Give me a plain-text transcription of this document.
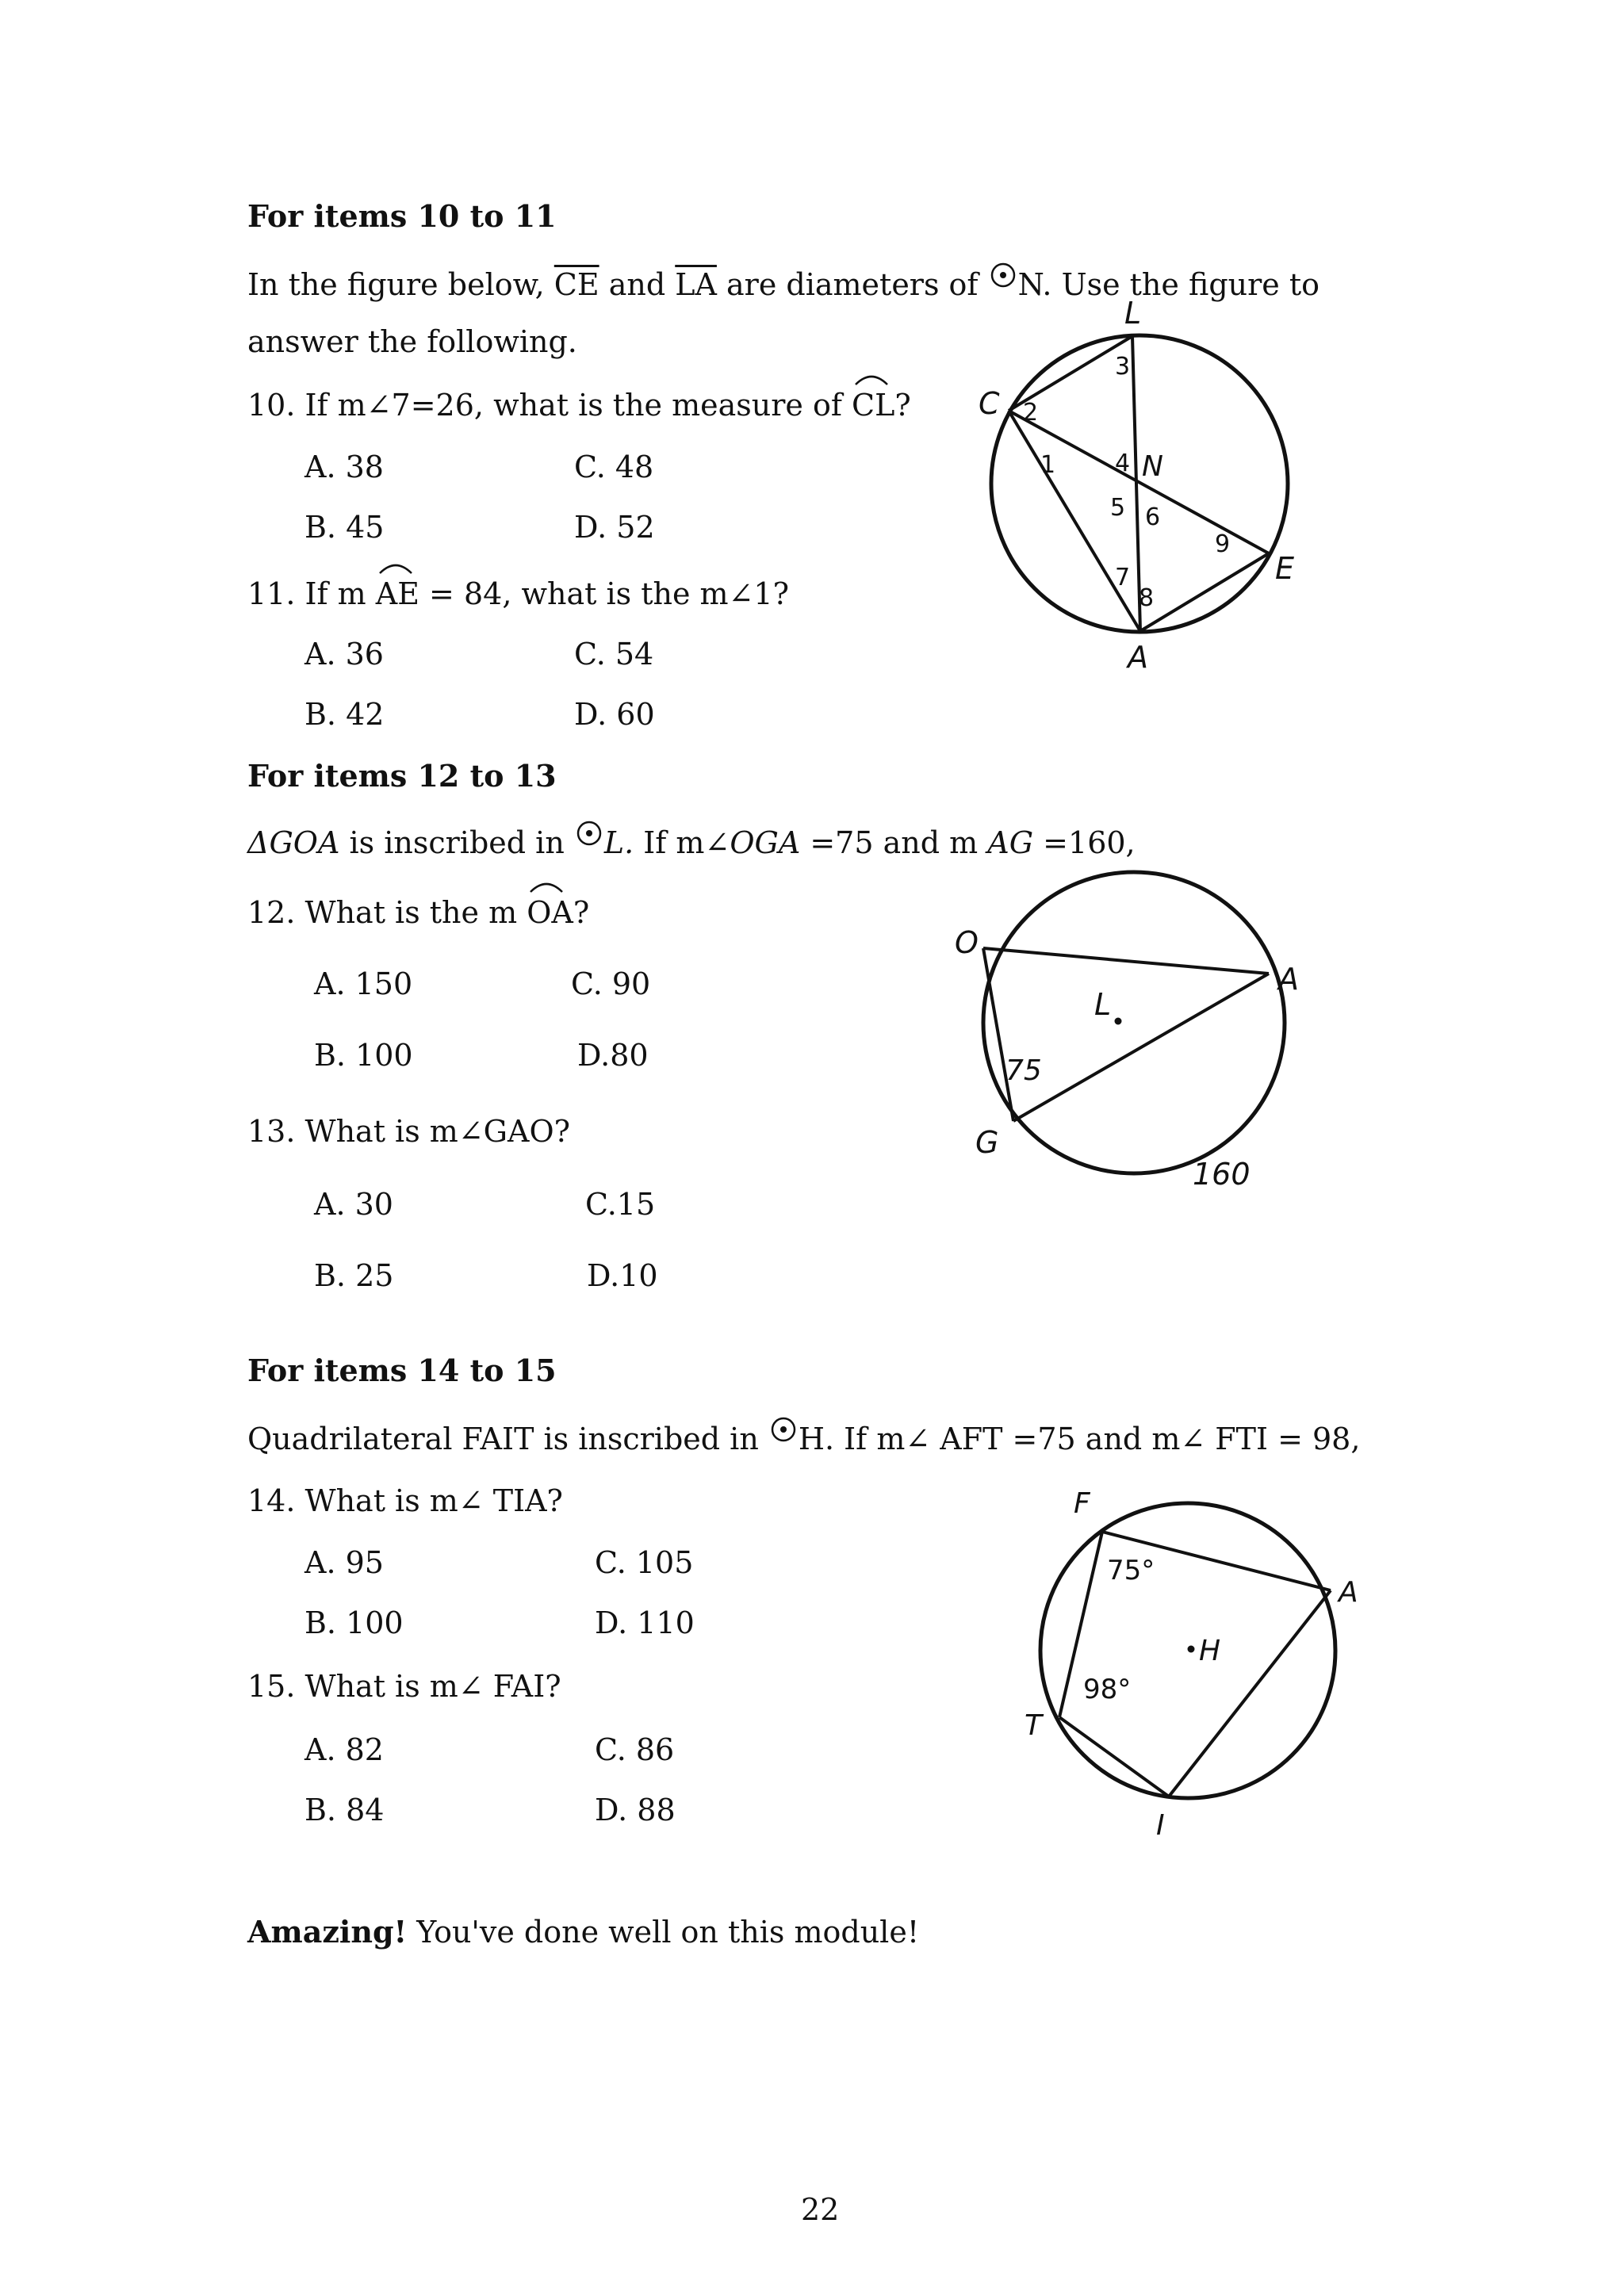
For items 10 to 11
In the figure below, $\overline{CE}$ and $\overline{LA}$ are diameters of N. Use the figure to
answer the following.
10. If m∠7=26, what is the measure of
CL?
A. 38	C. 48
B. 45	D. 52
11. If m
AE = 84, what is the m∠1?
A. 36	C. 54
B. 42	D. 60
L
C
N
E
A
3
2
1 4
5 6
9
7
8
For items 12 to 13
ΔGOA is inscribed in L. If m∠OGA =75 and m AG =160,
12. What is the m
OA?
A. 150	C. 90
B. 100	D.80
13. What is m∠GAO?
A. 30	C.15
B. 25	D.10
O
A
L
G
75
160
For items 14 to 15
Quadrilateral FAIT is inscribed in H. If m∠ AFT =75 and m∠ FTI = 98,
14. What is m∠ TIA?
A. 95	C. 105
B. 100	D. 110
15. What is m∠ FAI?
A. 82	C. 86
B. 84	D. 88
F
A
H
T
I
75°
98°
Amazing! You've done well on this module!
22
